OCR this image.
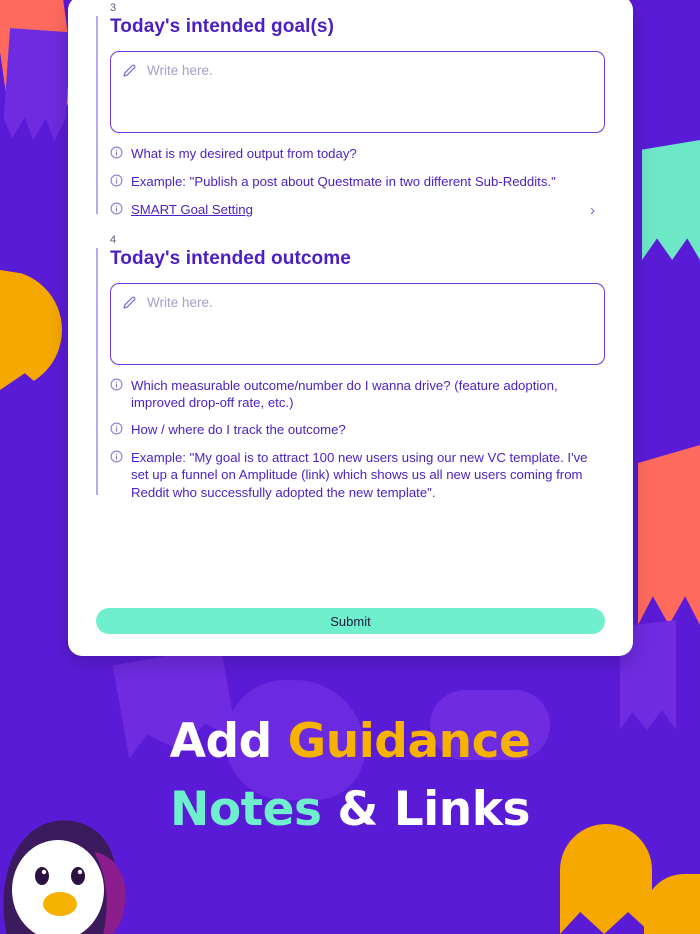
3
Today's intended goal(s)
Write here.
What is my desired output from today?
Example: "Publish a post about Questmate in two different Sub-Reddits."
SMART Goal Setting	›
4
Today's intended outcome
Write here.
Which measurable outcome/number do I wanna drive? (feature adoption, improved drop-off rate, etc.)
How / where do I track the outcome?
Example: "My goal is to attract 100 new users using our new VC template. I've set up a funnel on Amplitude (link) which shows us all new users coming from Reddit who successfully adopted the new template".
Submit
Add Guidance
Notes & Links
